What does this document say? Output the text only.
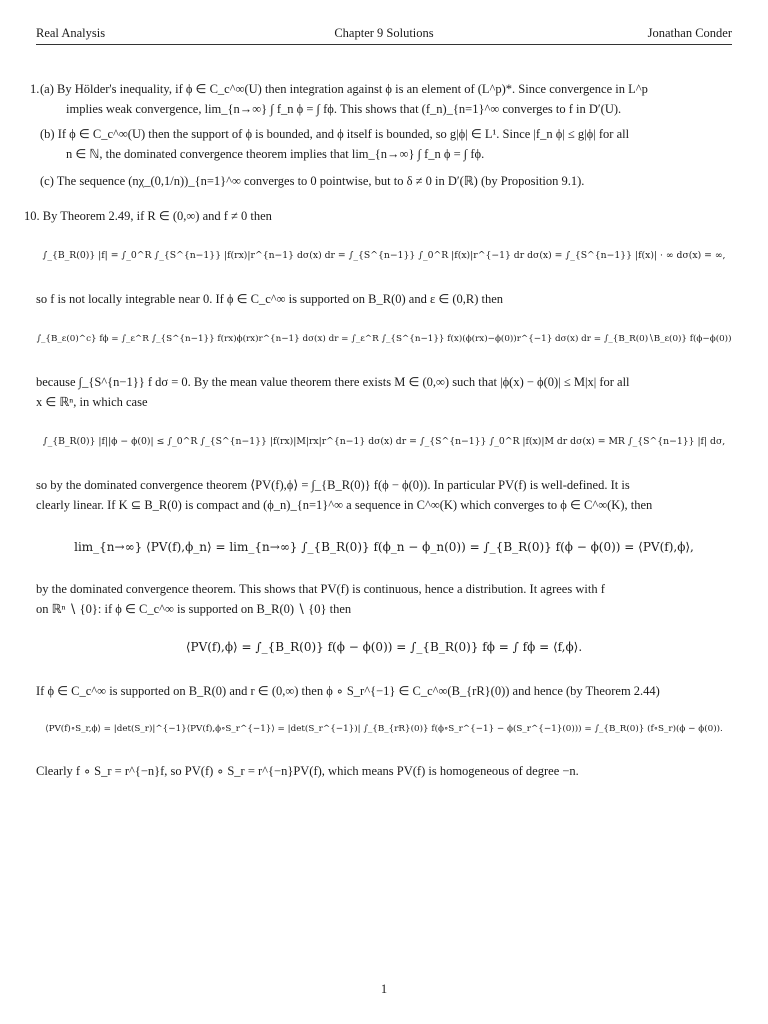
Real Analysis	Chapter 9 Solutions	Jonathan Conder
1. (a) By Hölder's inequality, if ϕ ∈ C_c^∞(U) then integration against ϕ is an element of (L^p)*. Since convergence in L^p
implies weak convergence, lim_{n→∞} ∫ f_n ϕ = ∫ fϕ. This shows that (f_n)_{n=1}^∞ converges to f in D′(U).
(b) If ϕ ∈ C_c^∞(U) then the support of ϕ is bounded, and ϕ itself is bounded, so g|ϕ| ∈ L¹. Since |f_n ϕ| ≤ g|ϕ| for all
n ∈ ℕ, the dominated convergence theorem implies that lim_{n→∞} ∫ f_n ϕ = ∫ fϕ.
(c) The sequence (nχ_(0,1/n))_{n=1}^∞ converges to 0 pointwise, but to δ ≠ 0 in D′(ℝ) (by Proposition 9.1).
10. By Theorem 2.49, if R ∈ (0,∞) and f ≠ 0 then
∫_{B_R(0)} |f| = ∫_0^R ∫_{S^{n−1}} |f(rx)|r^{n−1} dσ(x) dr = ∫_{S^{n−1}} ∫_0^R |f(x)|r^{−1} dr dσ(x) = ∫_{S^{n−1}} |f(x)| · ∞ dσ(x) = ∞,
so f is not locally integrable near 0. If ϕ ∈ C_c^∞ is supported on B_R(0) and ε ∈ (0,R) then
∫_{B_ε(0)^c} fϕ = ∫_ε^R ∫_{S^{n−1}} f(rx)ϕ(rx)r^{n−1} dσ(x) dr = ∫_ε^R ∫_{S^{n−1}} f(x)(ϕ(rx)−ϕ(0))r^{−1} dσ(x) dr = ∫_{B_R(0)∖B_ε(0)} f(ϕ−ϕ(0))
because ∫_{S^{n−1}} f dσ = 0. By the mean value theorem there exists M ∈ (0,∞) such that |ϕ(x) − ϕ(0)| ≤ M|x| for all
x ∈ ℝⁿ, in which case
∫_{B_R(0)} |f||ϕ − ϕ(0)| ≤ ∫_0^R ∫_{S^{n−1}} |f(rx)|M|rx|r^{n−1} dσ(x) dr = ∫_{S^{n−1}} ∫_0^R |f(x)|M dr dσ(x) = MR ∫_{S^{n−1}} |f| dσ,
so by the dominated convergence theorem ⟨PV(f),ϕ⟩ = ∫_{B_R(0)} f(ϕ − ϕ(0)). In particular PV(f) is well-defined. It is
clearly linear. If K ⊆ B_R(0) is compact and (ϕ_n)_{n=1}^∞ a sequence in C^∞(K) which converges to ϕ ∈ C^∞(K), then
lim_{n→∞} ⟨PV(f),ϕ_n⟩ = lim_{n→∞} ∫_{B_R(0)} f(ϕ_n − ϕ_n(0)) = ∫_{B_R(0)} f(ϕ − ϕ(0)) = ⟨PV(f),ϕ⟩,
by the dominated convergence theorem. This shows that PV(f) is continuous, hence a distribution. It agrees with f
on ℝⁿ ∖ {0}: if ϕ ∈ C_c^∞ is supported on B_R(0) ∖ {0} then
⟨PV(f),ϕ⟩ = ∫_{B_R(0)} f(ϕ − ϕ(0)) = ∫_{B_R(0)} fϕ = ∫ fϕ = ⟨f,ϕ⟩.
If ϕ ∈ C_c^∞ is supported on B_R(0) and r ∈ (0,∞) then ϕ ∘ S_r^{−1} ∈ C_c^∞(B_{rR}(0)) and hence (by Theorem 2.44)
⟨PV(f)∘S_r,ϕ⟩ = |det(S_r)|^{−1}⟨PV(f),ϕ∘S_r^{−1}⟩ = |det(S_r^{−1})| ∫_{B_{rR}(0)} f(ϕ∘S_r^{−1} − ϕ(S_r^{−1}(0))) = ∫_{B_R(0)} (f∘S_r)(ϕ − ϕ(0)).
Clearly f ∘ S_r = r^{−n}f, so PV(f) ∘ S_r = r^{−n}PV(f), which means PV(f) is homogeneous of degree −n.
1
